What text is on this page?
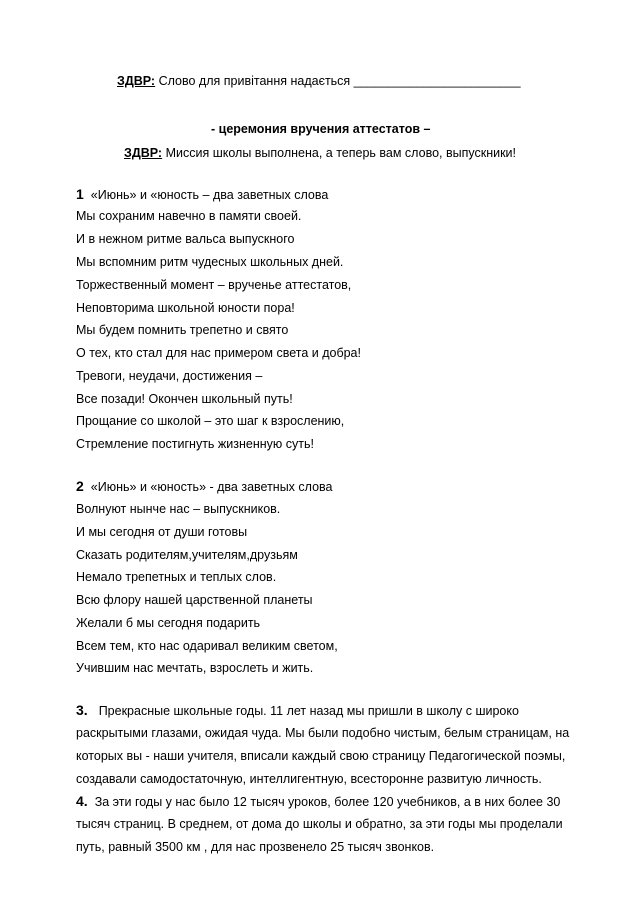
ЗДВР: Слово для привітання надається ________________________
- церемония вручения аттестатов –
ЗДВР: Миссия школы выполнена, а теперь вам слово, выпускники!
1 «Июнь» и «юность – два заветных слова
Мы сохраним навечно в памяти своей.
И в нежном ритме вальса выпускного
Мы вспомним ритм чудесных школьных дней.
Торжественный момент – врученье аттестатов,
Неповторима школьной юности пора!
Мы будем помнить трепетно и свято
О тех, кто стал для нас примером света и добра!
Тревоги, неудачи, достижения –
Все позади! Окончен школьный путь!
Прощание со школой – это шаг к взрослению,
Стремление постигнуть жизненную суть!
2 «Июнь» и «юность» - два заветных слова
Волнуют нынче нас – выпускников.
И мы сегодня от души готовы
Сказать родителям,учителям,друзьям
Немало трепетных и теплых слов.
Всю флору нашей царственной планеты
Желали б мы сегодня подарить
Всем тем, кто нас одаривал великим светом,
Учившим нас мечтать, взрослеть и жить.
3. Прекрасные школьные годы. 11 лет назад мы пришли в школу с широко
раскрытыми глазами, ожидая чуда. Мы были подобно чистым, белым страницам, на
которых вы - наши учителя, вписали каждый свою страницу Педагогической поэмы,
создавали самодостаточную, интеллигентную, всесторонне развитую личность.
4. За эти годы у нас было 12 тысяч уроков, более 120 учебников, а в них более 30
тысяч страниц. В среднем, от дома до школы и обратно, за эти годы мы проделали
путь, равный 3500 км , для нас прозвенело 25 тысяч звонков.
